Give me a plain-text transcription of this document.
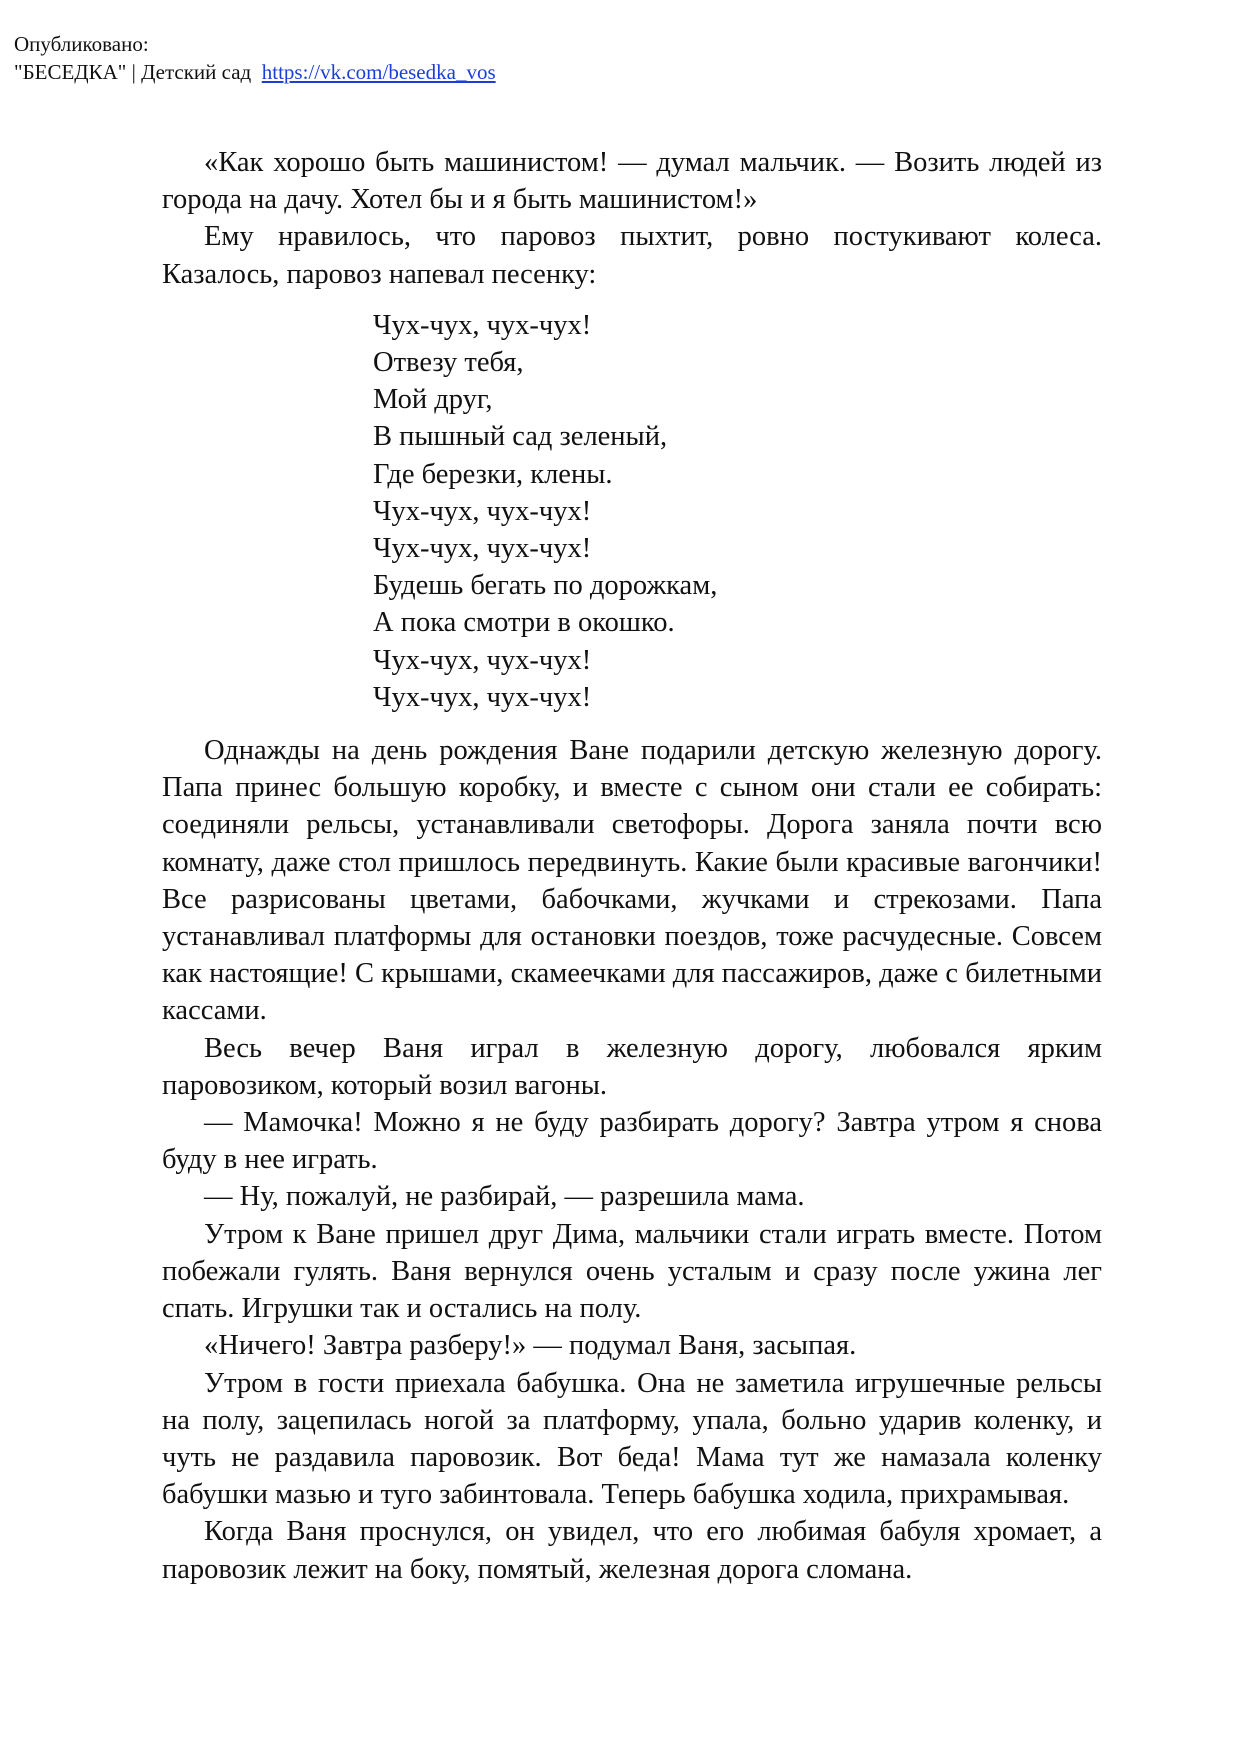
Опубликовано:
"БЕСЕДКА" | Детский сад https://vk.com/besedka_vos

«Как хорошо быть машинистом! — думал мальчик. — Возить людей из города на дачу. Хотел бы и я быть машинистом!»

Ему нравилось, что паровоз пыхтит, ровно постукивают колеса. Казалось, паровоз напевал песенку:

Чух-чух, чух-чух!
Отвезу тебя,
Мой друг,
В пышный сад зеленый,
Где березки, клены.
Чух-чух, чух-чух!
Чух-чух, чух-чух!
Будешь бегать по дорожкам,
А пока смотри в окошко.
Чух-чух, чух-чух!
Чух-чух, чух-чух!

Однажды на день рождения Ване подарили детскую железную дорогу. Папа принес большую коробку, и вместе с сыном они стали ее собирать: соединяли рельсы, устанавливали светофоры. Дорога заняла почти всю комнату, даже стол пришлось передвинуть. Какие были красивые вагончики! Все разрисованы цветами, бабочками, жучками и стрекозами. Папа устанавливал платформы для остановки поездов, тоже расчудесные. Совсем как настоящие! С крышами, скамеечками для пассажиров, даже с билетными кассами.

Весь вечер Ваня играл в железную дорогу, любовался ярким паровозиком, который возил вагоны.

— Мамочка! Можно я не буду разбирать дорогу? Завтра утром я снова буду в нее играть.

— Ну, пожалуй, не разбирай, — разрешила мама.

Утром к Ване пришел друг Дима, мальчики стали играть вместе. Потом побежали гулять. Ваня вернулся очень усталым и сразу после ужина лег спать. Игрушки так и остались на полу.

«Ничего! Завтра разберу!» — подумал Ваня, засыпая.

Утром в гости приехала бабушка. Она не заметила игрушечные рельсы на полу, зацепилась ногой за платформу, упала, больно ударив коленку, и чуть не раздавила паровозик. Вот беда! Мама тут же намазала коленку бабушки мазью и туго забинтовала. Теперь бабушка ходила, прихрамывая.

Когда Ваня проснулся, он увидел, что его любимая бабуля хромает, а паровозик лежит на боку, помятый, железная дорога сломана.
